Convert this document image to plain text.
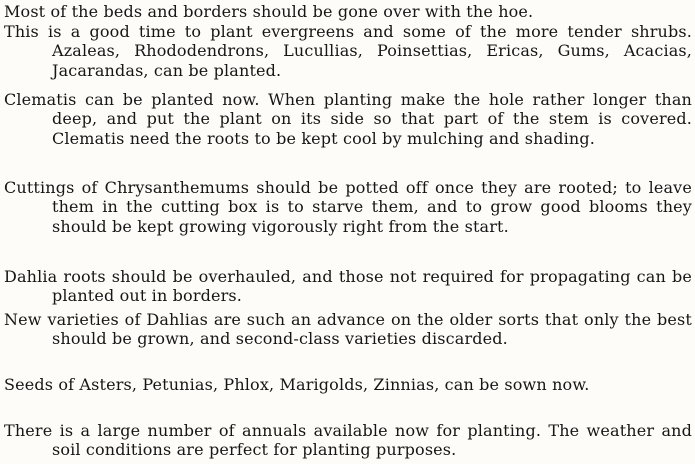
Most of the beds and borders should be gone over with the hoe.

This is a good time to plant evergreens and some of the more tender shrubs. Azaleas, Rhododendrons, Lucullias, Poinsettias, Ericas, Gums, Acacias, Jacarandas, can be planted.

Clematis can be planted now. When planting make the hole rather longer than deep, and put the plant on its side so that part of the stem is covered. Clematis need the roots to be kept cool by mulching and shading.

Cuttings of Chrysanthemums should be potted off once they are rooted; to leave them in the cutting box is to starve them, and to grow good blooms they should be kept growing vigorously right from the start.

Dahlia roots should be overhauled, and those not required for propagating can be planted out in borders.

New varieties of Dahlias are such an advance on the older sorts that only the best should be grown, and second-class varieties discarded.

Seeds of Asters, Petunias, Phlox, Marigolds, Zinnias, can be sown now.

There is a large number of annuals available now for planting. The weather and soil conditions are perfect for planting purposes.
